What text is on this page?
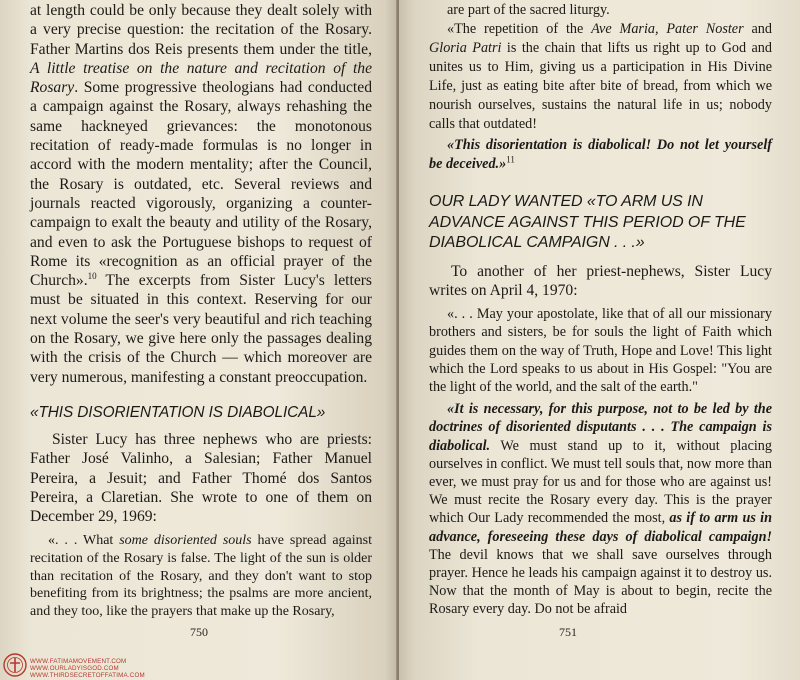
at length could be only because they dealt solely with a very precise question: the recitation of the Rosary. Father Martins dos Reis presents them under the title, A little treatise on the nature and recitation of the Rosary. Some progressive theologians had conducted a campaign against the Rosary, always rehashing the same hackneyed grievances: the monotonous recitation of ready-made formulas is no longer in accord with the modern mentality; after the Council, the Rosary is outdated, etc. Several reviews and journals reacted vigorously, organizing a counter-campaign to exalt the beauty and utility of the Rosary, and even to ask the Portuguese bishops to request of Rome its «recognition as an official prayer of the Church».$^{10}$ The excerpts from Sister Lucy's letters must be situated in this context. Reserving for our next volume the seer's very beautiful and rich teaching on the Rosary, we give here only the passages dealing with the crisis of the Church — which moreover are very numerous, manifesting a constant preoccupation.

«THIS DISORIENTATION IS DIABOLICAL»

Sister Lucy has three nephews who are priests: Father José Valinho, a Salesian; Father Manuel Pereira, a Jesuit; and Father Thomé dos Santos Pereira, a Claretian. She wrote to one of them on December 29, 1969:

«. . . What some disoriented souls have spread against recitation of the Rosary is false. The light of the sun is older than recitation of the Rosary, and they don't want to stop benefiting from its brightness; the psalms are more ancient, and they too, like the prayers that make up the Rosary,

750
WWW.FATIMAMOVEMENT.COM
WWW.OURLADYISGOD.COM
WWW.THIRDSECRETOFFATIMA.COM

are part of the sacred liturgy.

«The repetition of the Ave Maria, Pater Noster and Gloria Patri is the chain that lifts us right up to God and unites us to Him, giving us a participation in His Divine Life, just as eating bite after bite of bread, from which we nourish ourselves, sustains the natural life in us; nobody calls that outdated!

«This disorientation is diabolical! Do not let yourself be deceived.»$^{11}$

OUR LADY WANTED «TO ARM US IN ADVANCE AGAINST THIS PERIOD OF THE DIABOLICAL CAMPAIGN . . .»

To another of her priest-nephews, Sister Lucy writes on April 4, 1970:

«. . . May your apostolate, like that of all our missionary brothers and sisters, be for souls the light of Faith which guides them on the way of Truth, Hope and Love! This light which the Lord speaks to us about in His Gospel: "You are the light of the world, and the salt of the earth."

«It is necessary, for this purpose, not to be led by the doctrines of disoriented disputants . . . The campaign is diabolical. We must stand up to it, without placing ourselves in conflict. We must tell souls that, now more than ever, we must pray for us and for those who are against us! We must recite the Rosary every day. This is the prayer which Our Lady recommended the most, as if to arm us in advance, foreseeing these days of diabolical campaign! The devil knows that we shall save ourselves through prayer. Hence he leads his campaign against it to destroy us. Now that the month of May is about to begin, recite the Rosary every day. Do not be afraid

751
